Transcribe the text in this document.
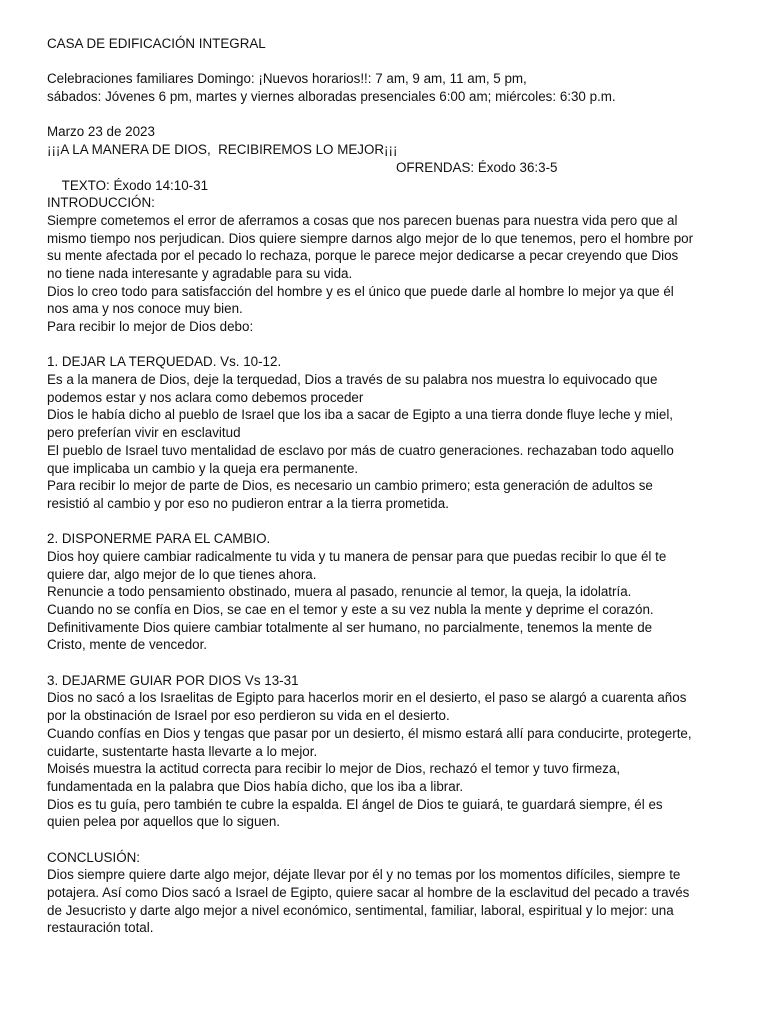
CASA DE EDIFICACIÓN INTEGRAL
Celebraciones familiares Domingo: ¡Nuevos horarios!!: 7 am, 9 am, 11 am, 5 pm,
sábados: Jóvenes 6 pm, martes y viernes alboradas presenciales 6:00 am; miércoles: 6:30 p.m.
Marzo 23 de 2023
¡¡¡A LA MANERA DE DIOS,  RECIBIREMOS LO MEJOR¡¡¡

TEXTO: Éxodo 14:10-31

OFRENDAS: Éxodo 36:3-5

INTRODUCCIÓN:
Siempre cometemos el error de aferramos a cosas que nos parecen buenas para nuestra vida pero que al
mismo tiempo nos perjudican. Dios quiere siempre darnos algo mejor de lo que tenemos, pero el hombre por
su mente afectada por el pecado lo rechaza, porque le parece mejor dedicarse a pecar creyendo que Dios
no tiene nada interesante y agradable para su vida.
Dios lo creo todo para satisfacción del hombre y es el único que puede darle al hombre lo mejor ya que él
nos ama y nos conoce muy bien.
Para recibir lo mejor de Dios debo:
1. DEJAR LA TERQUEDAD. Vs. 10-12.
Es a la manera de Dios, deje la terquedad, Dios a través de su palabra nos muestra lo equivocado que
podemos estar y nos aclara como debemos proceder
Dios le había dicho al pueblo de Israel que los iba a sacar de Egipto a una tierra donde fluye leche y miel,
pero preferían vivir en esclavitud
El pueblo de Israel tuvo mentalidad de esclavo por más de cuatro generaciones. rechazaban todo aquello
que implicaba un cambio y la queja era permanente.
Para recibir lo mejor de parte de Dios, es necesario un cambio primero; esta generación de adultos se
resistió al cambio y por eso no pudieron entrar a la tierra prometida.
2. DISPONERME PARA EL CAMBIO.
Dios hoy quiere cambiar radicalmente tu vida y tu manera de pensar para que puedas recibir lo que él te
quiere dar, algo mejor de lo que tienes ahora.
Renuncie a todo pensamiento obstinado, muera al pasado, renuncie al temor, la queja, la idolatría.
Cuando no se confía en Dios, se cae en el temor y este a su vez nubla la mente y deprime el corazón.
Definitivamente Dios quiere cambiar totalmente al ser humano, no parcialmente, tenemos la mente de
Cristo, mente de vencedor.
3. DEJARME GUIAR POR DIOS Vs 13-31
Dios no sacó a los Israelitas de Egipto para hacerlos morir en el desierto, el paso se alargó a cuarenta años
por la obstinación de Israel por eso perdieron su vida en el desierto.
Cuando confías en Dios y tengas que pasar por un desierto, él mismo estará allí para conducirte, protegerte,
cuidarte, sustentarte hasta llevarte a lo mejor.
Moisés muestra la actitud correcta para recibir lo mejor de Dios, rechazó el temor y tuvo firmeza,
fundamentada en la palabra que Dios había dicho, que los iba a librar.
Dios es tu guía, pero también te cubre la espalda. El ángel de Dios te guiará, te guardará siempre, él es
quien pelea por aquellos que lo siguen.
CONCLUSIÓN:
Dios siempre quiere darte algo mejor, déjate llevar por él y no temas por los momentos difíciles, siempre te
potajera. Así como Dios sacó a Israel de Egipto, quiere sacar al hombre de la esclavitud del pecado a través
de Jesucristo y darte algo mejor a nivel económico, sentimental, familiar, laboral, espiritual y lo mejor: una
restauración total.
